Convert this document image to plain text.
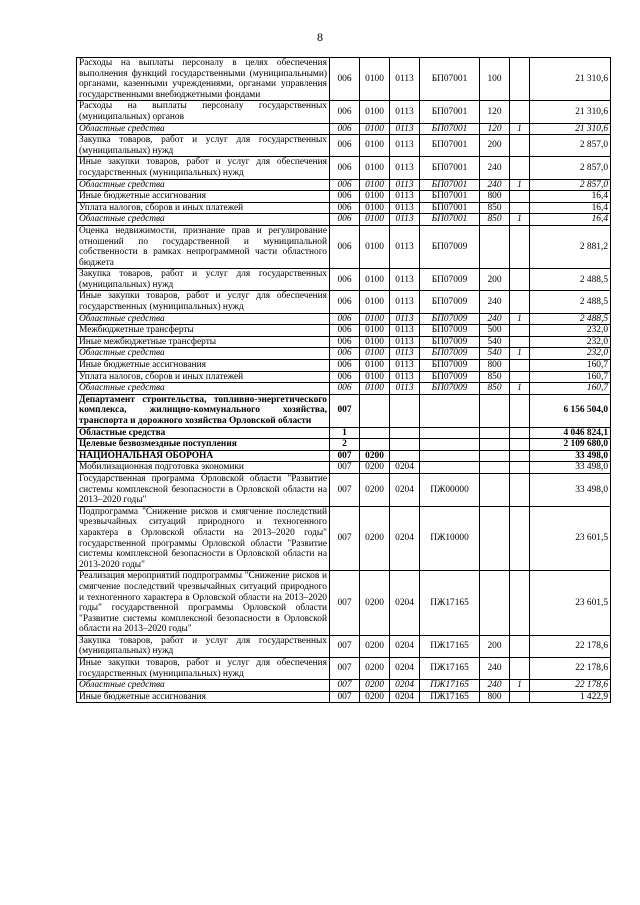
8
Расходы на выплаты персоналу в целях обеспечения выполнения функций государственными (муниципальными) органами, казенными учреждениями, органами управления государственными внебюджетными фондами	006	0100	0113	БП07001	100		21 310,6
Расходы на выплаты персоналу государственных (муниципальных) органов	006	0100	0113	БП07001	120		21 310,6
Областные средства	006	0100	0113	БП07001	120	1	21 310,6
Закупка товаров, работ и услуг для государственных (муниципальных) нужд	006	0100	0113	БП07001	200		2 857,0
Иные закупки товаров, работ и услуг для обеспечения государственных (муниципальных) нужд	006	0100	0113	БП07001	240		2 857,0
Областные средства	006	0100	0113	БП07001	240	1	2 857,0
Иные бюджетные ассигнования	006	0100	0113	БП07001	800		16,4
Уплата налогов, сборов и иных платежей	006	0100	0113	БП07001	850		16,4
Областные средства	006	0100	0113	БП07001	850	1	16,4
Оценка недвижимости, признание прав и регулирование отношений по государственной и муниципальной собственности в рамках непрограммной части областного бюджета	006	0100	0113	БП07009			2 881,2
Закупка товаров, работ и услуг для государственных (муниципальных) нужд	006	0100	0113	БП07009	200		2 488,5
Иные закупки товаров, работ и услуг для обеспечения государственных (муниципальных) нужд	006	0100	0113	БП07009	240		2 488,5
Областные средства	006	0100	0113	БП07009	240	1	2 488,5
Межбюджетные трансферты	006	0100	0113	БП07009	500		232,0
Иные межбюджетные трансферты	006	0100	0113	БП07009	540		232,0
Областные средства	006	0100	0113	БП07009	540	1	232,0
Иные бюджетные ассигнования	006	0100	0113	БП07009	800		160,7
Уплата налогов, сборов и иных платежей	006	0100	0113	БП07009	850		160,7
Областные средства	006	0100	0113	БП07009	850	1	160,7
Департамент строительства, топливно-энергетического комплекса, жилищно-коммунального хозяйства, транспорта и дорожного хозяйства Орловской области	007						6 156 504,0
Областные средства	1						4 046 824,1
Целевые безвозмездные поступления	2						2 109 680,0
НАЦИОНАЛЬНАЯ ОБОРОНА	007	0200					33 498,0
Мобилизационная подготовка экономики	007	0200	0204				33 498,0
Государственная программа Орловской области "Развитие системы комплексной безопасности в Орловской области на 2013–2020 годы"	007	0200	0204	ПЖ00000			33 498,0
Подпрограмма "Снижение рисков и смягчение последствий чрезвычайных ситуаций природного и техногенного характера в Орловской области на 2013–2020 годы" государственной программы Орловской области "Развитие системы комплексной безопасности в Орловской области на 2013-2020 годы"	007	0200	0204	ПЖ10000			23 601,5
Реализация мероприятий подпрограммы "Снижение рисков и смягчение последствий чрезвычайных ситуаций природного и техногенного характера в Орловской области на 2013–2020 годы" государственной программы Орловской области "Развитие системы комплексной безопасности в Орловской области на 2013–2020 годы"	007	0200	0204	ПЖ17165			23 601,5
Закупка товаров, работ и услуг для государственных (муниципальных) нужд	007	0200	0204	ПЖ17165	200		22 178,6
Иные закупки товаров, работ и услуг для обеспечения государственных (муниципальных) нужд	007	0200	0204	ПЖ17165	240		22 178,6
Областные средства	007	0200	0204	ПЖ17165	240	1	22 178,6
Иные бюджетные ассигнования	007	0200	0204	ПЖ17165	800		1 422,9
